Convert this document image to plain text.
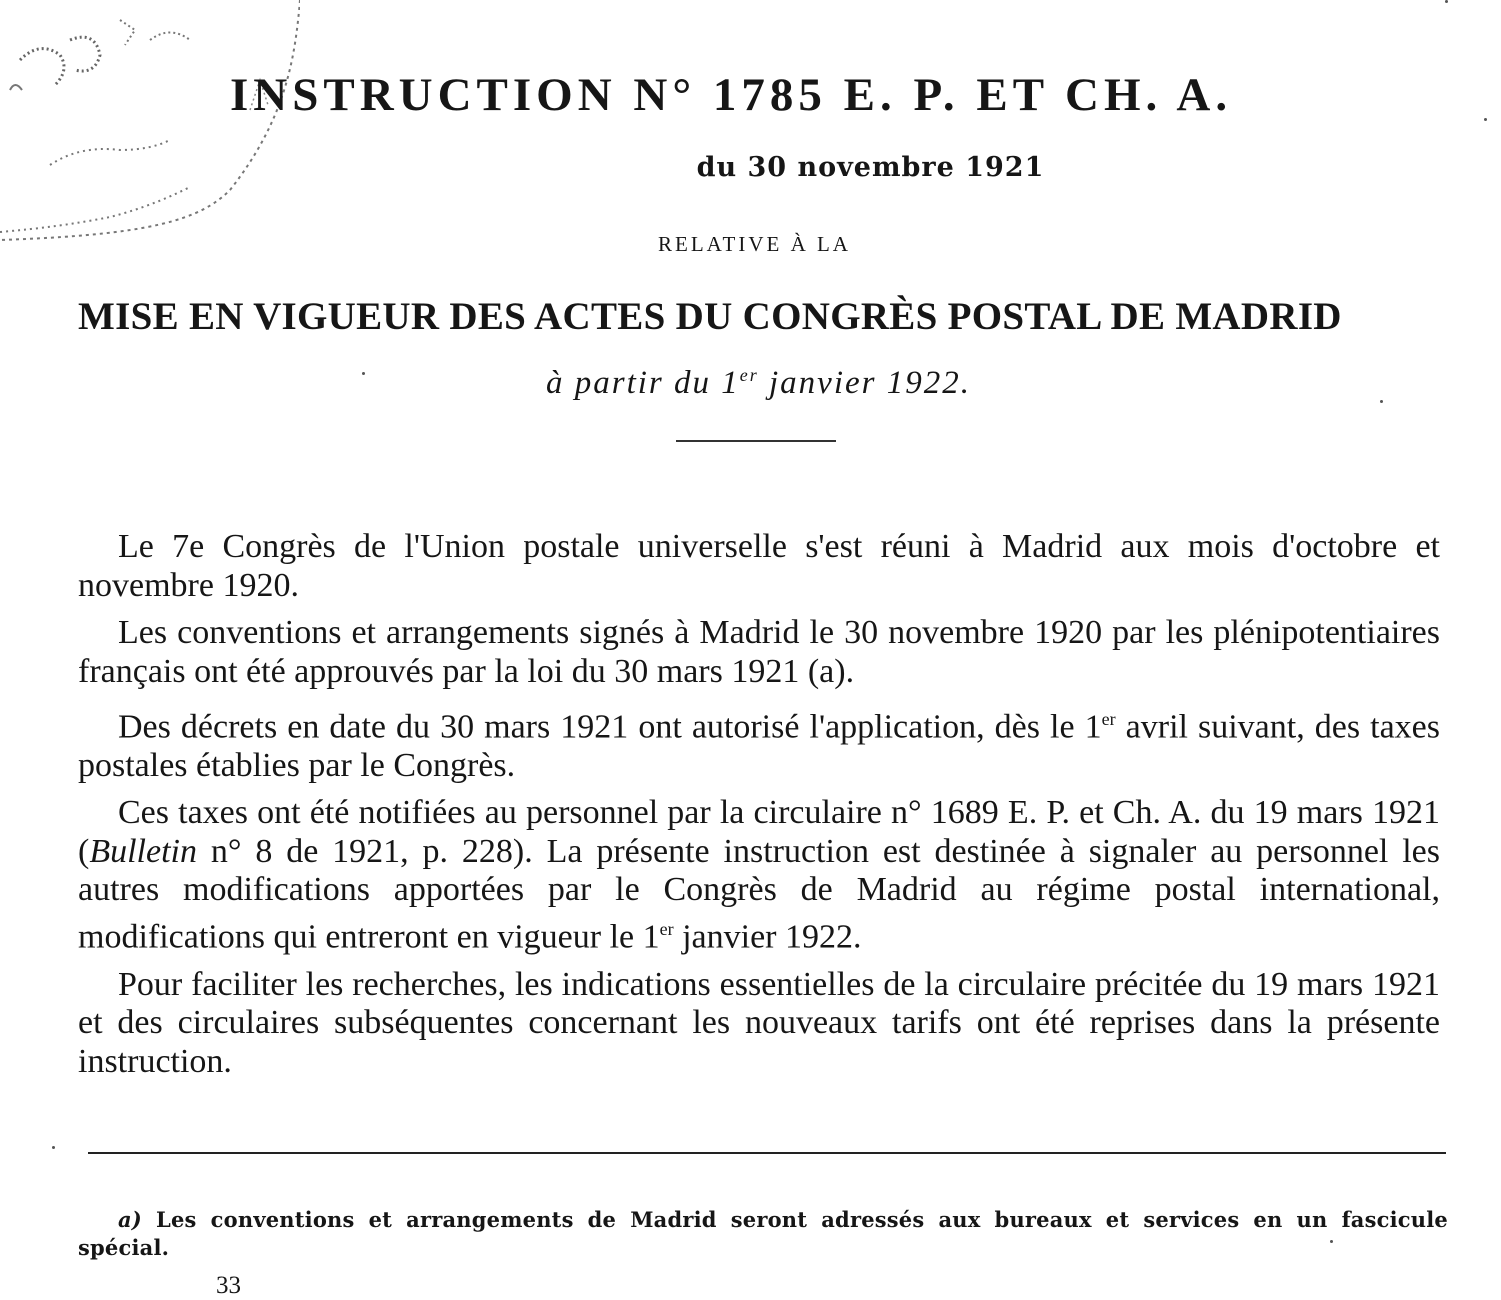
INSTRUCTION N° 1785 E. P. ET CH. A.
du 30 novembre 1921
RELATIVE À LA
MISE EN VIGUEUR DES ACTES DU CONGRÈS POSTAL DE MADRID
à partir du 1er janvier 1922.

Le 7e Congrès de l'Union postale universelle s'est réuni à Madrid aux mois d'octobre et novembre 1920.

Les conventions et arrangements signés à Madrid le 30 novembre 1920 par les plénipotentiaires français ont été approuvés par la loi du 30 mars 1921 (a).

Des décrets en date du 30 mars 1921 ont autorisé l'application, dès le 1er avril suivant, des taxes postales établies par le Congrès.

Ces taxes ont été notifiées au personnel par la circulaire n° 1689 E. P. et Ch. A. du 19 mars 1921 (Bulletin n° 8 de 1921, p. 228). La présente instruction est destinée à signaler au personnel les autres modifications apportées par le Congrès de Madrid au régime postal international, modifications qui entreront en vigueur le 1er janvier 1922.

Pour faciliter les recherches, les indications essentielles de la circulaire précitée du 19 mars 1921 et des circulaires subséquentes concernant les nouveaux tarifs ont été reprises dans la présente instruction.

a) Les conventions et arrangements de Madrid seront adressés aux bureaux et services en un fascicule spécial.
33
